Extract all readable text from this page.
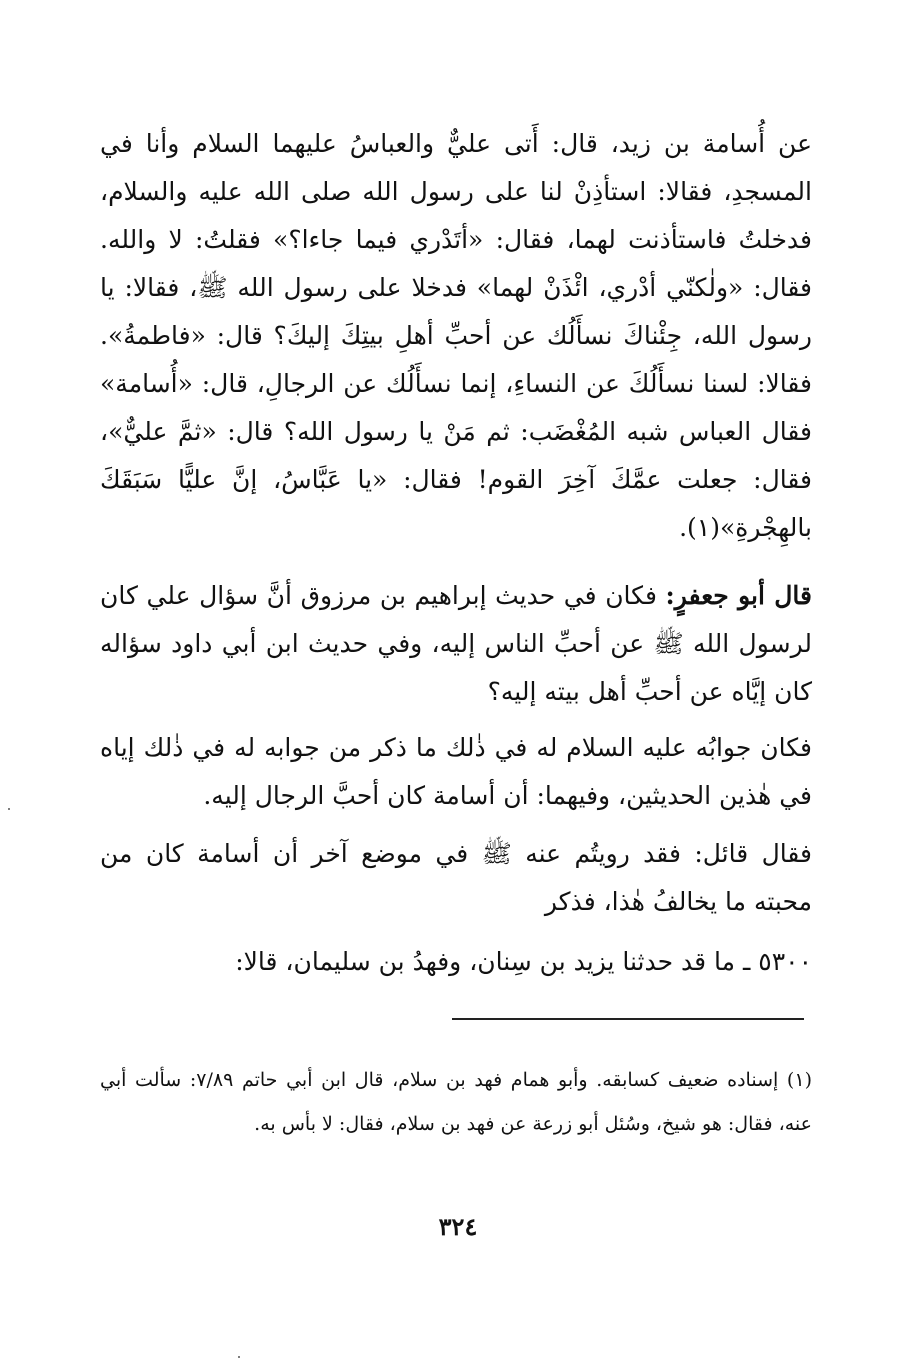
عن أُسامة بن زيد، قال: أَتى عليٌّ والعباسُ عليهما السلام وأنا في المسجدِ، فقالا: استأذِنْ لنا على رسول الله صلى الله عليه والسلام، فدخلتُ فاستأذنت لهما، فقال: «أتَدْري فيما جاءا؟» فقلتُ: لا والله. فقال: «ولٰكنّي أدْري، ائْذَنْ لهما» فدخلا على رسول الله ﷺ، فقالا: يا رسول الله، جِئْناكَ نسأَلُك عن أحبِّ أهلِ بيتِكَ إليكَ؟ قال: «فاطمةُ». فقالا: لسنا نسأَلُكَ عن النساءِ، إنما نسأَلُك عن الرجالِ، قال: «أُسامة» فقال العباس شبه المُغْضَب: ثم مَنْ يا رسول الله؟ قال: «ثمَّ عليٌّ»، فقال: جعلت عمَّكَ آخِرَ القوم! فقال: «يا عَبَّاسُ، إنَّ عليًّا سَبَقَكَ بالهِجْرةِ»(١).

قال أبو جعفرٍ: فكان في حديث إبراهيم بن مرزوق أنَّ سؤال علي كان لرسول الله ﷺ عن أحبِّ الناس إليه، وفي حديث ابن أبي داود سؤاله كان إيَّاه عن أحبِّ أهل بيته إليه؟

فكان جوابُه عليه السلام له في ذٰلك ما ذكر من جوابه له في ذٰلك إياه في هٰذين الحديثين، وفيهما: أن أسامة كان أحبَّ الرجال إليه.

فقال قائل: فقد رويتُم عنه ﷺ في موضع آخر أن أسامة كان من محبته ما يخالفُ هٰذا، فذكر

٥٣٠٠ ـ ما قد حدثنا يزيد بن سِنان، وفهدُ بن سليمان، قالا:

(١) إسناده ضعيف كسابقه. وأبو همام فهد بن سلام، قال ابن أبي حاتم ٧/٨٩: سألت أبي عنه، فقال: هو شيخ، وسُئل أبو زرعة عن فهد بن سلام، فقال: لا بأس به.

٣٢٤
